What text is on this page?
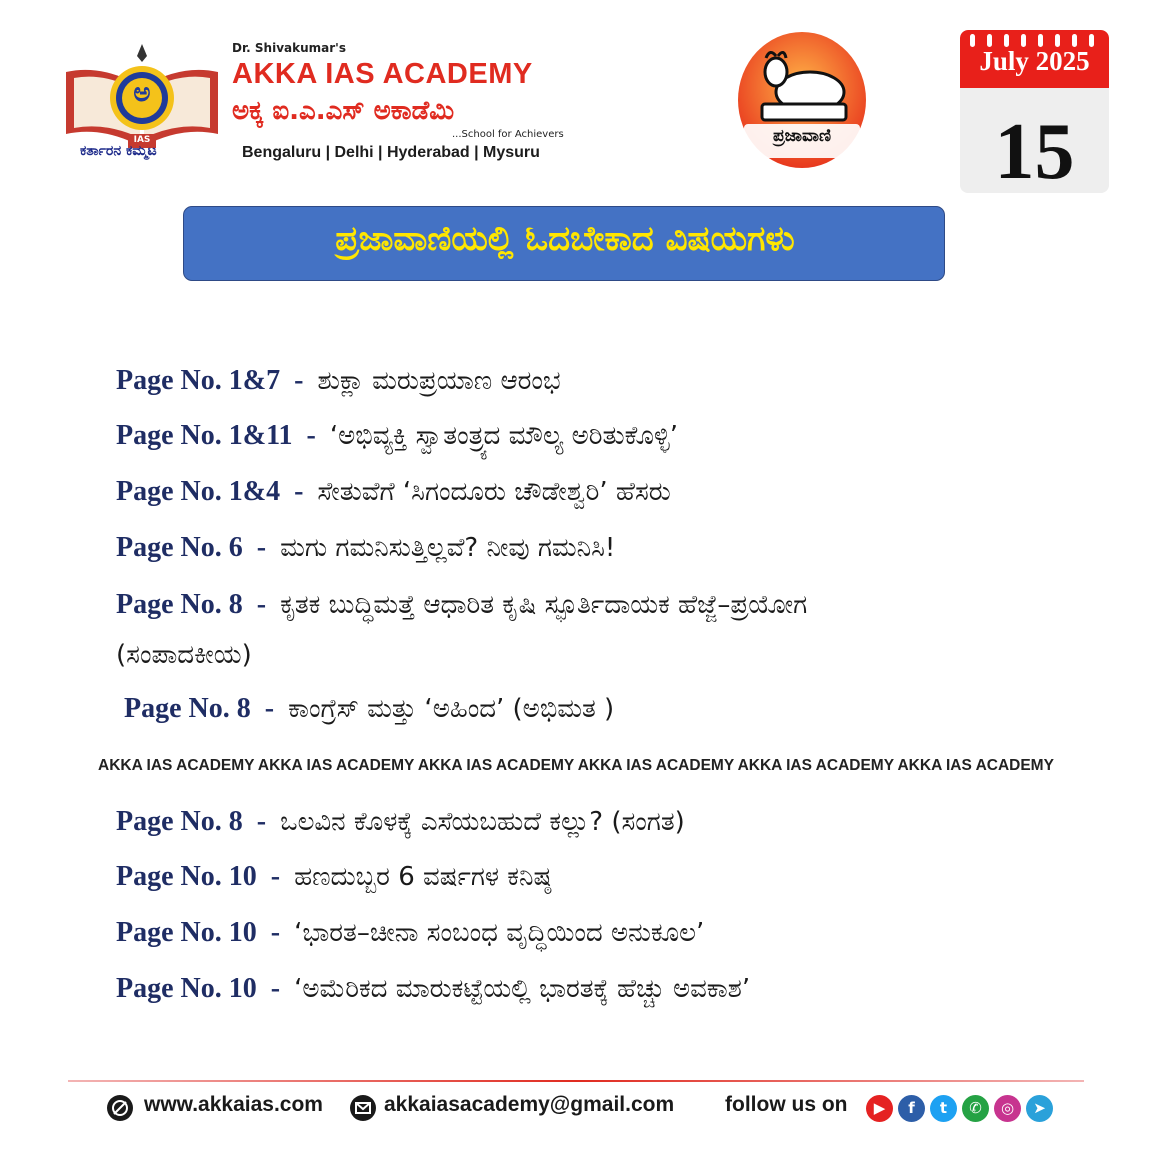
ಅ
IAS
ಕರ್ತಾರನ ಕಮ್ಮಟ
Dr. Shivakumar's
AKKA IAS ACADEMY
ಅಕ್ಕ ಐ.ಎ.ಎಸ್ ಅಕಾಡೆಮಿ
...School for Achievers
Bengaluru | Delhi | Hyderabad | Mysuru
ಪ್ರಜಾವಾಣಿ
July 2025
15
ಪ್ರಜಾವಾಣಿಯಲ್ಲಿ ಓದಬೇಕಾದ ವಿಷಯಗಳು
Page No. 1&7 - ಶುಕ್ಲಾ ಮರುಪ್ರಯಾಣ ಆರಂಭ
Page No. 1&11 - ‘ಅಭಿವ್ಯಕ್ತಿ ಸ್ವಾತಂತ್ರ್ಯದ ಮೌಲ್ಯ ಅರಿತುಕೊಳ್ಳಿ’
Page No. 1&4 - ಸೇತುವೆಗೆ ‘ಸಿಗಂದೂರು ಚೌಡೇಶ್ವರಿ’ ಹೆಸರು
Page No. 6 - ಮಗು ಗಮನಿಸುತ್ತಿಲ್ಲವೆ? ನೀವು ಗಮನಿಸಿ!
Page No. 8 - ಕೃತಕ ಬುದ್ಧಿಮತ್ತೆ ಆಧಾರಿತ ಕೃಷಿ ಸ್ಫೂರ್ತಿದಾಯಕ ಹೆಜ್ಜೆ–ಪ್ರಯೋಗ
(ಸಂಪಾದಕೀಯ)
Page No. 8 - ಕಾಂಗ್ರೆಸ್ ಮತ್ತು ‘ಅಹಿಂದ’ (ಅಭಿಮತ )
AKKA IAS ACADEMY AKKA IAS ACADEMY AKKA IAS ACADEMY AKKA IAS ACADEMY AKKA IAS ACADEMY AKKA IAS ACADEMY
Page No. 8 - ಒಲವಿನ ಕೊಳಕ್ಕೆ ಎಸೆಯಬಹುದೆ ಕಲ್ಲು? (ಸಂಗತ)
Page No. 10 - ಹಣದುಬ್ಬರ 6 ವರ್ಷಗಳ ಕನಿಷ್ಠ
Page No. 10 - ‘ಭಾರತ–ಚೀನಾ ಸಂಬಂಧ ವೃದ್ಧಿಯಿಂದ ಅನುಕೂಲ’
Page No. 10 - ‘ಅಮೆರಿಕದ ಮಾರುಕಟ್ಟೆಯಲ್ಲಿ ಭಾರತಕ್ಕೆ ಹೆಚ್ಚು ಅವಕಾಶ’
www.akkaias.com	akkaiasacademy@gmail.com follow us on	▶	f	t	✆	◎	➤
